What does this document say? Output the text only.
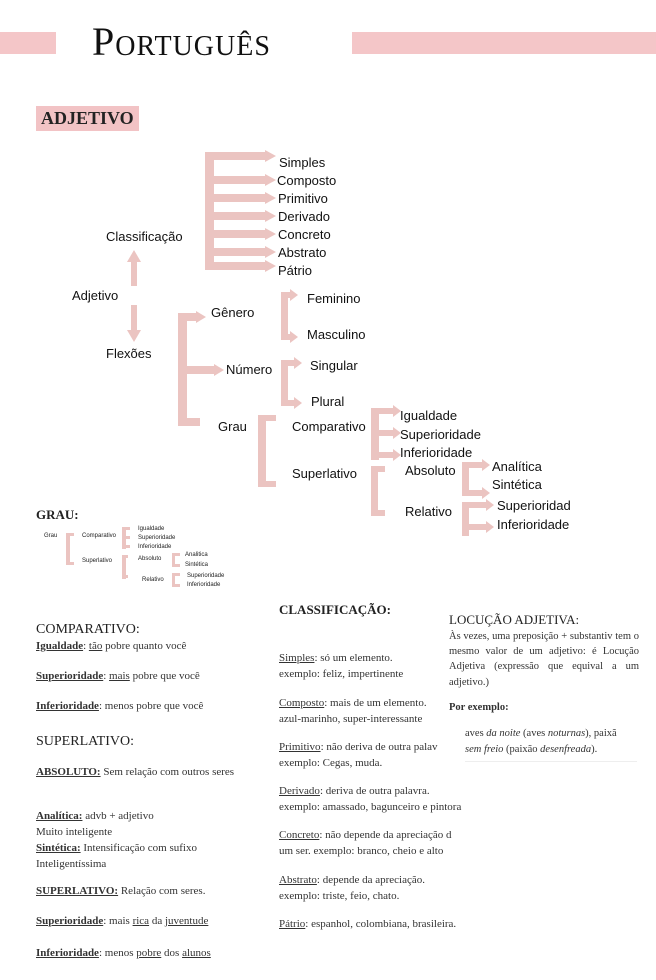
Português
ADJETIVO
Adjetivo
Classificação
Simples
Composto
Primitivo
Derivado
Concreto
Abstrato
Pátrio
Flexões
Gênero
Feminino
Masculino
Número	Singular
Plural
Grau	Comparativo
Igualdade
Superioridade
Inferioridade
Superlativo	Absoluto	Analítica
Sintética
Relativo	Superioridad
Inferioridade
GRAU:
Grau	Comparativo
Igualdade
Superioridade
Inferioridade
Superlativo	Absoluto
Analitica
Sintética
Relativo
Superioridade
Inferioridade
COMPARATIVO:
Igualdade: tão pobre quanto você
Superioridade: mais pobre que você
Inferioridade: menos pobre que você
SUPERLATIVO:
ABSOLUTO: Sem relação com outros seres
Analítica: advb + adjetivo
Muito inteligente
Sintética: Intensificação com sufixo
Inteligentíssima
SUPERLATIVO: Relação com seres.
Superioridade: mais rica da juventude
Inferioridade: menos pobre dos alunos
CLASSIFICAÇÃO:
Simples: só um elemento.
exemplo: feliz, impertinente
Composto: mais de um elemento.
azul-marinho, super-interessante
Primitivo: não deriva de outra palav
exemplo: Cegas, muda.
Derivado: deriva de outra palavra.
exemplo: amassado, bagunceiro e pintora
Concreto: não depende da apreciação d
um ser. exemplo: branco, cheio e alto
Abstrato: depende da apreciação.
exemplo: triste, feio, chato.
Pátrio: espanhol, colombiana, brasileira.
LOCUÇÃO ADJETIVA:
Às vezes, uma preposição + substantiv tem o mesmo valor de um adjetivo: é Locução Adjetiva (expressão que equival a um adjetivo.)
Por exemplo:
aves da noite (aves noturnas), paixã
sem freio (paixão desenfreada).
